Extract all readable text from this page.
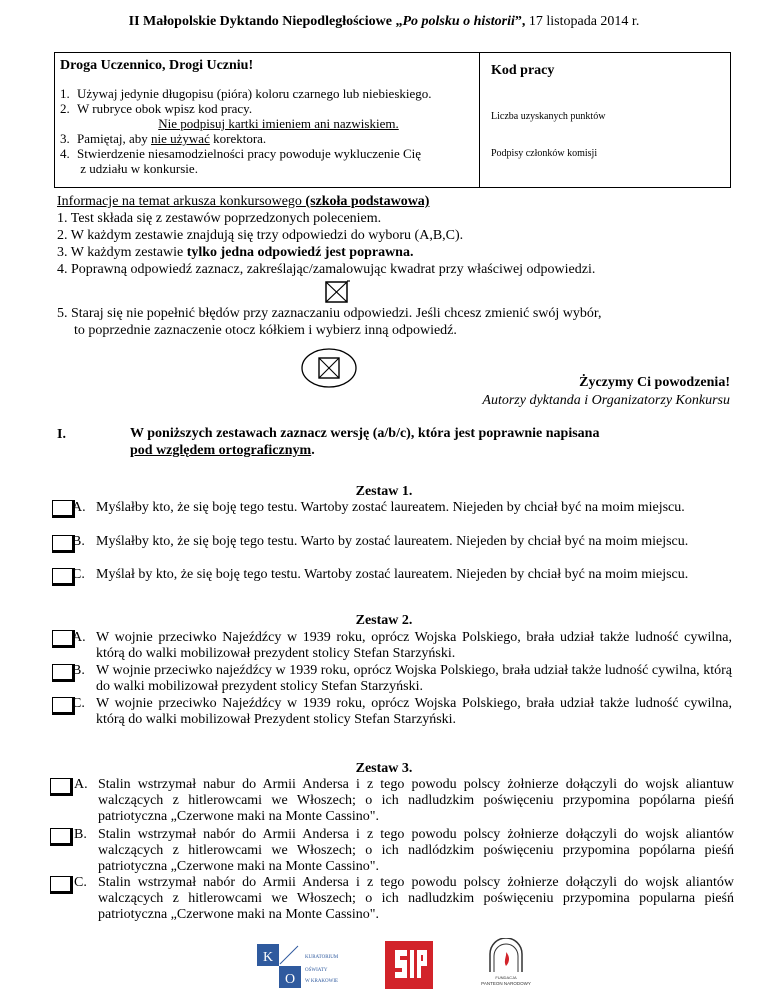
II Małopolskie Dyktando Niepodległościowe „Po polsku o historii”, 17 listopada 2014 r.
Droga Uczennico, Drogi Uczniu!
1. Używaj jedynie długopisu (pióra) koloru czarnego lub niebieskiego.
2. W rubryce obok wpisz kod pracy.
Nie podpisuj kartki imieniem ani nazwiskiem.
3. Pamiętaj, aby nie używać korektora.
4. Stwierdzenie niesamodzielności pracy powoduje wykluczenie Cię
z udziału w konkursie.
Kod pracy
Liczba uzyskanych punktów
Podpisy członków komisji
Informacje na temat arkusza konkursowego (szkoła podstawowa)
1. Test składa się z zestawów poprzedzonych poleceniem.
2. W każdym zestawie znajdują się trzy odpowiedzi do wyboru (A,B,C).
3. W każdym zestawie tylko jedna odpowiedź jest poprawna.
4. Poprawną odpowiedź zaznacz, zakreślając/zamalowując kwadrat przy właściwej odpowiedzi.
5. Staraj się nie popełnić błędów przy zaznaczaniu odpowiedzi. Jeśli chcesz zmienić swój wybór,
to poprzednie zaznaczenie otocz kółkiem i wybierz inną odpowiedź.
Życzymy Ci powodzenia!
Autorzy dyktanda i Organizatorzy Konkursu
I.	W poniższych zestawach zaznacz wersję (a/b/c), która jest poprawnie napisana
pod względem ortograficznym.
Zestaw 1.
A. Myślałby kto, że się boję tego testu. Wartoby zostać laureatem. Niejeden by chciał być na moim miejscu.
B. Myślałby kto, że się boję tego testu. Warto by zostać laureatem. Niejeden by chciał być na moim miejscu.
C. Myślał by kto, że się boję tego testu. Wartoby zostać laureatem. Niejeden by chciał być na moim miejscu.
Zestaw 2.
A. W wojnie przeciwko Najeźdźcy w 1939 roku, oprócz Wojska Polskiego, brała udział także ludność cywilna, którą do walki mobilizował prezydent stolicy Stefan Starzyński.
B. W wojnie przeciwko najeźdźcy w 1939 roku, oprócz Wojska Polskiego, brała udział także ludność cywilna, którą do walki mobilizował prezydent stolicy Stefan Starzyński.
C. W wojnie przeciwko Najeźdźcy w 1939 roku, oprócz Wojska Polskiego, brała udział także ludność cywilna, którą do walki mobilizował Prezydent stolicy Stefan Starzyński.
Zestaw 3.
A. Stalin wstrzymał nabur do Armii Andersa i z tego powodu polscy żołnierze dołączyli do wojsk aliantuw walczących z hitlerowcami we Włoszech; o ich nadludzkim poświęceniu przypomina popólarna pieśń patriotyczna „Czerwone maki na Monte Cassino".
B. Stalin wstrzymał nabór do Armii Andersa i z tego powodu polscy żołnierze dołączyli do wojsk aliantów walczących z hitlerowcami we Włoszech; o ich nadlódzkim poświęceniu przypomina popólarna pieśń patriotyczna „Czerwone maki na Monte Cassino".
C. Stalin wstrzymał nabór do Armii Andersa i z tego powodu polscy żołnierze dołączyli do wojsk aliantów walczących z hitlerowcami we Włoszech; o ich nadludzkim poświęceniu przypomina popularna pieśń patriotyczna „Czerwone maki na Monte Cassino".
K
O
KURATORIUM
OŚWIATY
W KRAKOWIE
FUNDACJA
PANTEON NARODOWY
